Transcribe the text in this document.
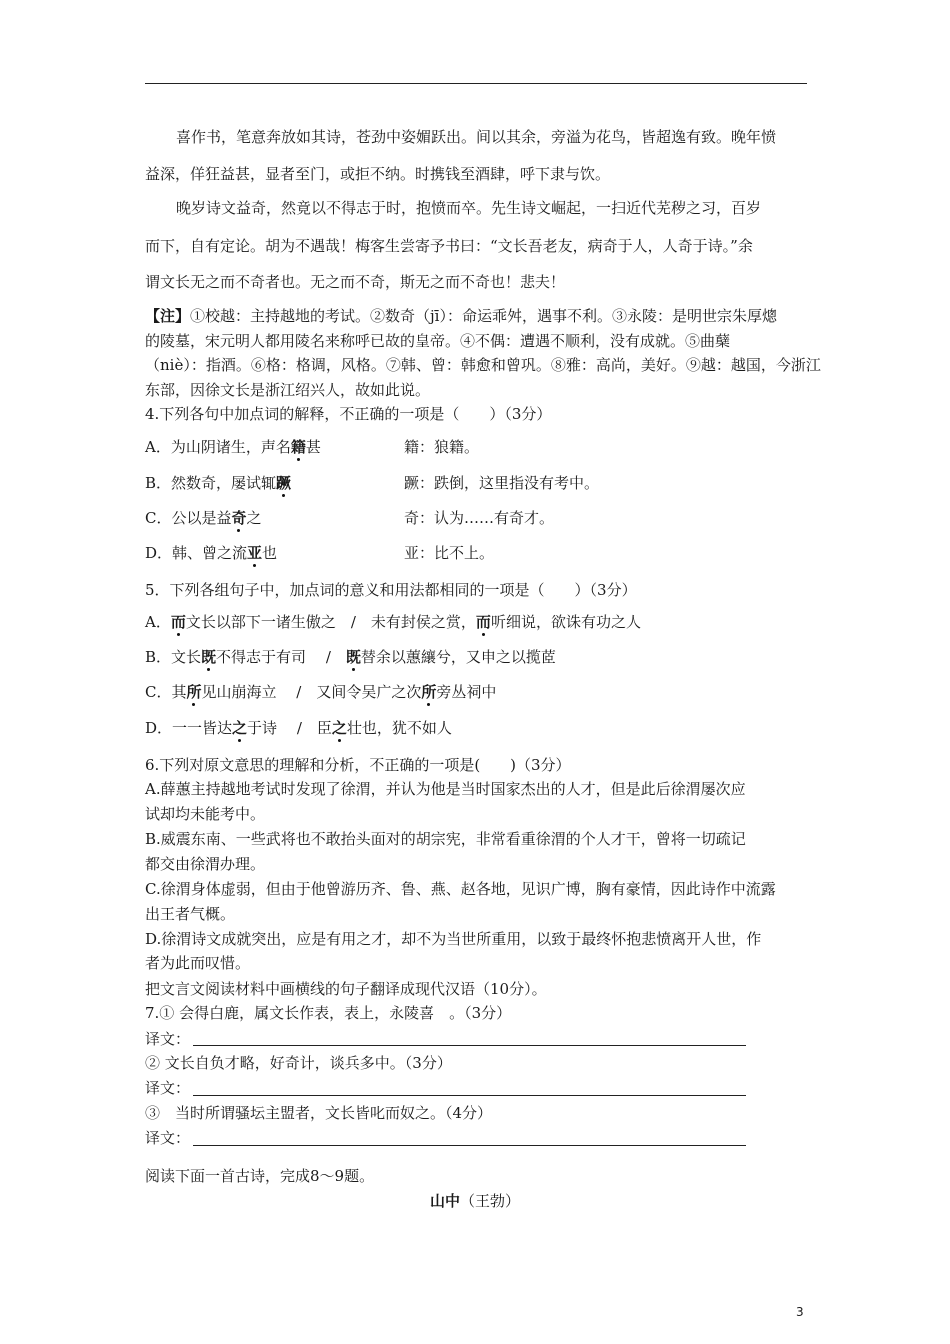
喜作书，笔意奔放如其诗，苍劲中姿媚跃出。间以其余，旁溢为花鸟，皆超逸有致。晚年愤
益深，佯狂益甚，显者至门，或拒不纳。时携钱至酒肆，呼下隶与饮。
晚岁诗文益奇，然竟以不得志于时，抱愤而卒。先生诗文崛起，一扫近代芜秽之习，百岁
而下，自有定论。胡为不遇哉！梅客生尝寄予书曰：“文长吾老友，病奇于人，人奇于诗。”余
谓文长无之而不奇者也。无之而不奇，斯无之而不奇也！悲夫！
【注】①校越：主持越地的考试。②数奇（jī）：命运乖舛，遇事不利。③永陵：是明世宗朱厚熜
的陵墓，宋元明人都用陵名来称呼已故的皇帝。④不偶：遭遇不顺利，没有成就。⑤曲蘖
（niè）：指酒。⑥格：格调，风格。⑦韩、曾：韩愈和曾巩。⑧雅：高尚，美好。⑨越：越国，今浙江
东部，因徐文长是浙江绍兴人，故如此说。
4.下列各句中加点词的解释，不正确的一项是（　　）（3分）
A．为山阴诸生，声名籍甚	籍：狼籍。
B．然数奇，屡试辄蹶	蹶：跌倒，这里指没有考中。
C．公以是益奇之	奇：认为……有奇才。
D．韩、曾之流亚也	亚：比不上。
5．下列各组句子中，加点词的意义和用法都相同的一项是（　　）（3分）
A．而文长以部下一诸生傲之　/　未有封侯之赏，而听细说，欲诛有功之人
B．文长既不得志于有司　 /　既替余以蕙纕兮，又申之以揽茝
C．其所见山崩海立　 /　又间令吴广之次所旁丛祠中
D．一一皆达之于诗　 /　臣之壮也，犹不如人
6.下列对原文意思的理解和分析，不正确的一项是(　　)（3分）
A.薛蕙主持越地考试时发现了徐渭，并认为他是当时国家杰出的人才，但是此后徐渭屡次应
试却均未能考中。
B.威震东南、一些武将也不敢抬头面对的胡宗宪，非常看重徐渭的个人才干，曾将一切疏记
都交由徐渭办理。
C.徐渭身体虚弱，但由于他曾游历齐、鲁、燕、赵各地，见识广博，胸有豪情，因此诗作中流露
出王者气概。
D.徐渭诗文成就突出，应是有用之才，却不为当世所重用，以致于最终怀抱悲愤离开人世，作
者为此而叹惜。
把文言文阅读材料中画横线的句子翻译成现代汉语（10分）。
7.① 会得白鹿，属文长作表，表上，永陵喜　。（3分）
译文：
② 文长自负才略，好奇计，谈兵多中。（3分）
译文：
③　当时所谓骚坛主盟者，文长皆叱而奴之。（4分）
译文：
阅读下面一首古诗，完成8～9题。
山中（王勃）
3
